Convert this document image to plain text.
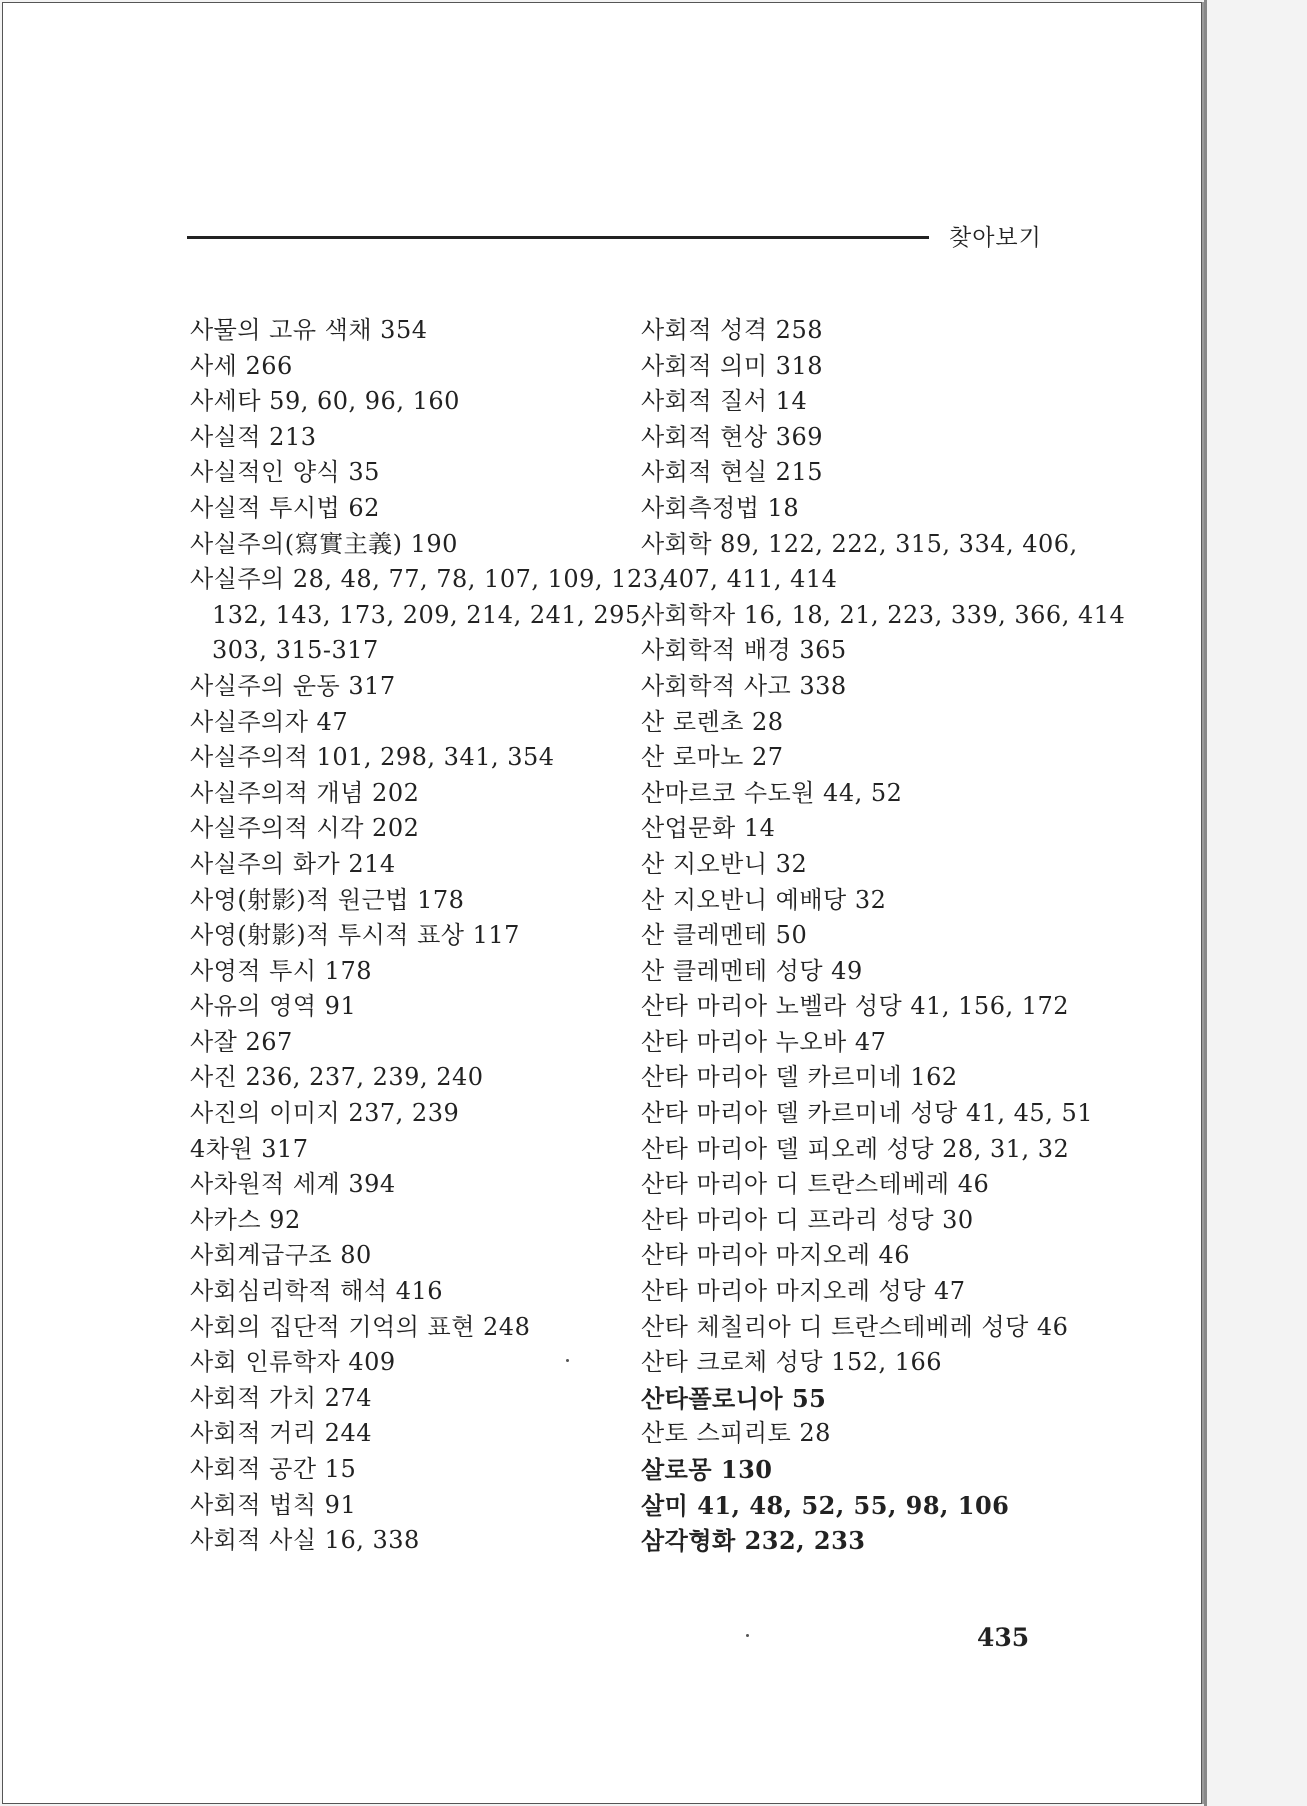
찾아보기
사물의 고유 색채 354
사세 266
사세타 59, 60, 96, 160
사실적 213
사실적인 양식 35
사실적 투시법 62
사실주의(寫實主義) 190
사실주의 28, 48, 77, 78, 107, 109, 123,
132, 143, 173, 209, 214, 241, 295,
303, 315-317
사실주의 운동 317
사실주의자 47
사실주의적 101, 298, 341, 354
사실주의적 개념 202
사실주의적 시각 202
사실주의 화가 214
사영(射影)적 원근법 178
사영(射影)적 투시적 표상 117
사영적 투시 178
사유의 영역 91
사잘 267
사진 236, 237, 239, 240
사진의 이미지 237, 239
4차원 317
사차원적 세계 394
사카스 92
사회계급구조 80
사회심리학적 해석 416
사회의 집단적 기억의 표현 248
사회 인류학자 409
사회적 가치 274
사회적 거리 244
사회적 공간 15
사회적 법칙 91
사회적 사실 16, 338
사회적 성격 258
사회적 의미 318
사회적 질서 14
사회적 현상 369
사회적 현실 215
사회측정법 18
사회학 89, 122, 222, 315, 334, 406,
407, 411, 414
사회학자 16, 18, 21, 223, 339, 366, 414
사회학적 배경 365
사회학적 사고 338
산 로렌초 28
산 로마노 27
산마르코 수도원 44, 52
산업문화 14
산 지오반니 32
산 지오반니 예배당 32
산 클레멘테 50
산 클레멘테 성당 49
산타 마리아 노벨라 성당 41, 156, 172
산타 마리아 누오바 47
산타 마리아 델 카르미네 162
산타 마리아 델 카르미네 성당 41, 45, 51
산타 마리아 델 피오레 성당 28, 31, 32
산타 마리아 디 트란스테베레 46
산타 마리아 디 프라리 성당 30
산타 마리아 마지오레 46
산타 마리아 마지오레 성당 47
산타 체칠리아 디 트란스테베레 성당 46
산타 크로체 성당 152, 166
산타폴로니아 55
산토 스피리토 28
살로몽 130
살미 41, 48, 52, 55, 98, 106
삼각형화 232, 233
435
